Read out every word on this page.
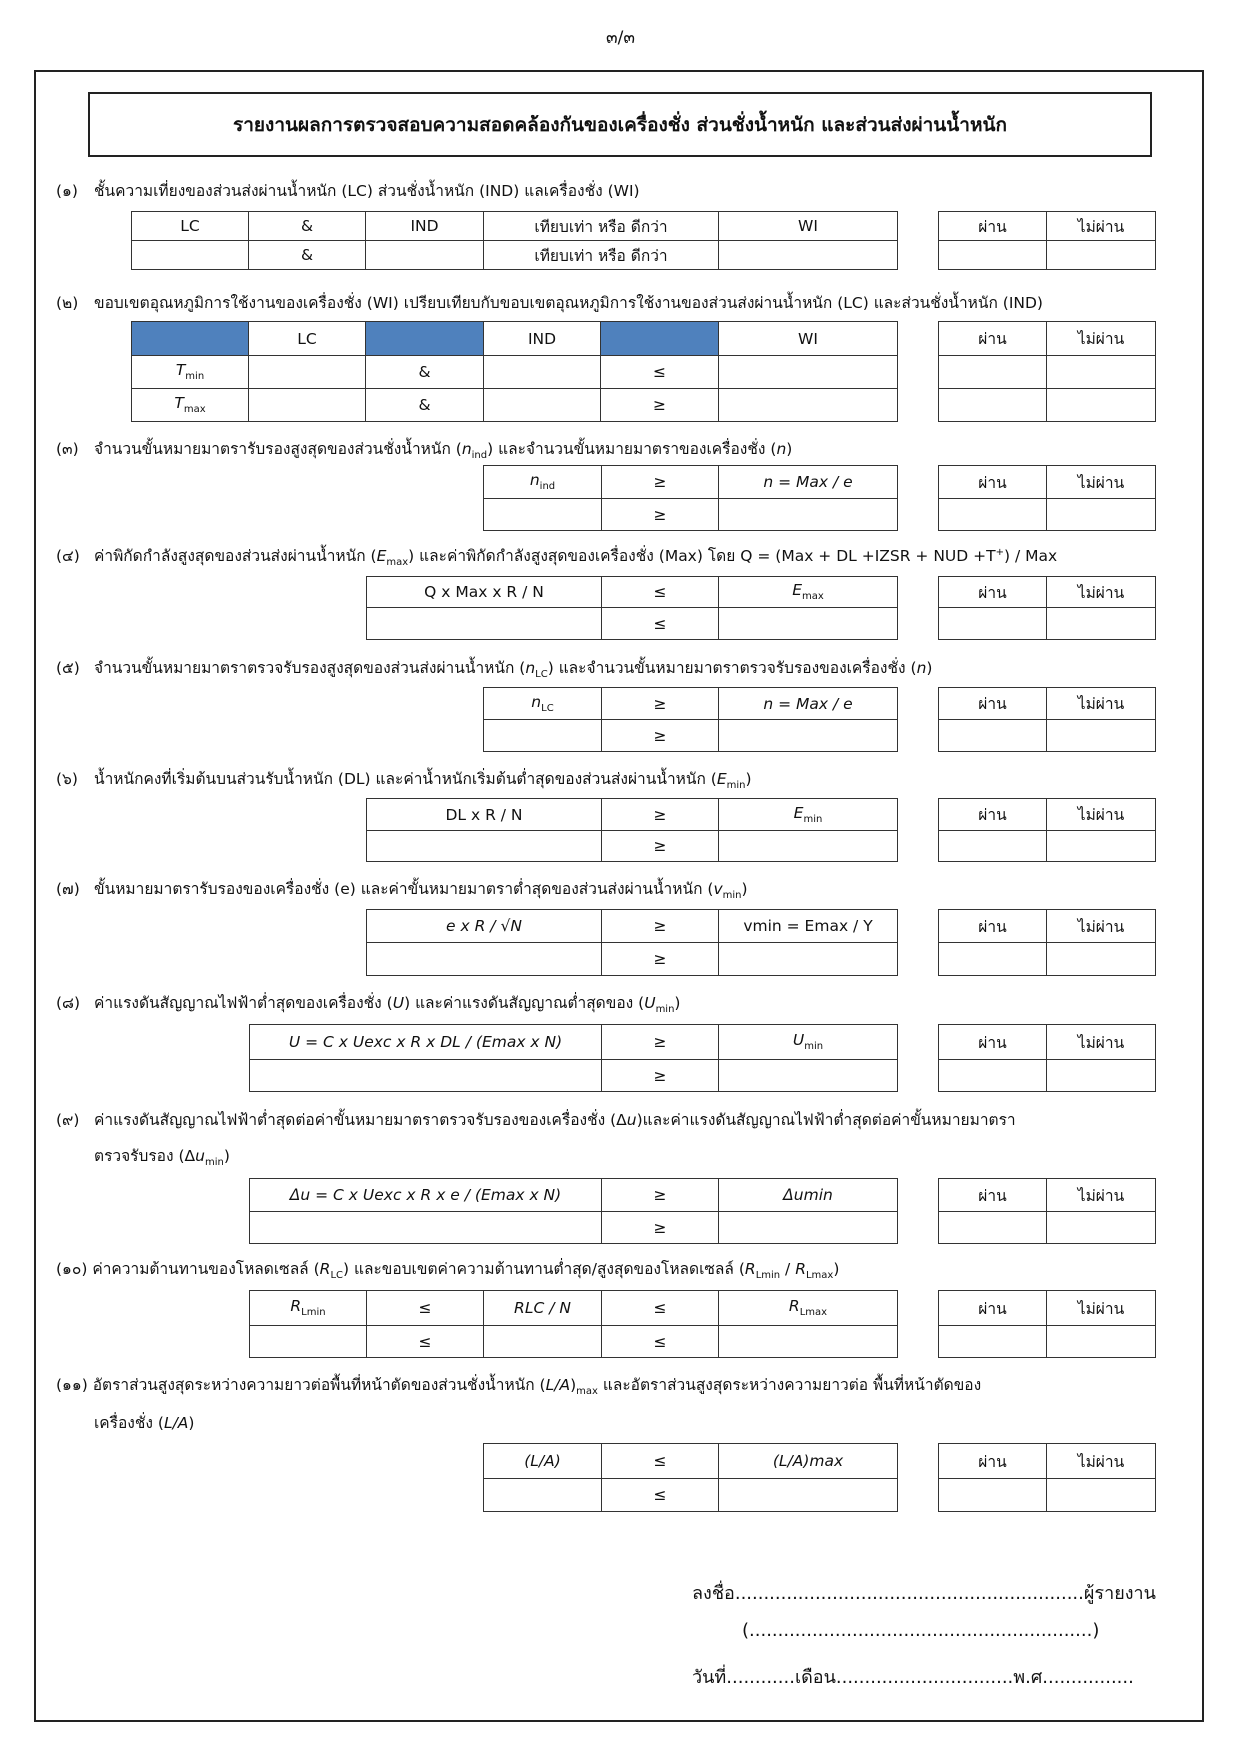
๓/๓
รายงานผลการตรวจสอบความสอดคล้องกันของเครื่องชั่ง ส่วนชั่งน้ำหนัก และส่วนส่งผ่านน้ำหนัก
(๑) ชั้นความเที่ยงของส่วนส่งผ่านน้ำหนัก (LC) ส่วนชั่งน้ำหนัก (IND) แลเครื่องชั่ง (WI)
LC	&	IND	เทียบเท่า หรือ ดีกว่า	WI
	&		เทียบเท่า หรือ ดีกว่า	
ผ่าน	ไม่ผ่าน

(๒) ขอบเขตอุณหภูมิการใช้งานของเครื่องชั่ง (WI) เปรียบเทียบกับขอบเขตอุณหภูมิการใช้งานของส่วนส่งผ่านน้ำหนัก (LC) และส่วนชั่งน้ำหนัก (IND)
	LC		IND		WI
$T_{min}$		&		≤	
$T_{max}$		&		≥	
ผ่าน	ไม่ผ่าน

(๓) จำนวนขั้นหมายมาตรารับรองสูงสุดของส่วนชั่งน้ำหนัก $(n_{ind})$ และจำนวนขั้นหมายมาตราของเครื่องชั่ง (n)
$n_{ind}$	≥	n = Max / e
	≥	
ผ่าน	ไม่ผ่าน

(๔) ค่าพิกัดกำลังสูงสุดของส่วนส่งผ่านน้ำหนัก $(E_{max})$ และค่าพิกัดกำลังสูงสุดของเครื่องชั่ง (Max) โดย Q = (Max + DL +IZSR + NUD +T+) / Max
Q x Max x R / N	≤	$E_{max}$
	≤	
ผ่าน	ไม่ผ่าน

(๕) จำนวนขั้นหมายมาตราตรวจรับรองสูงสุดของส่วนส่งผ่านน้ำหนัก $(n_{LC})$ และจำนวนขั้นหมายมาตราตรวจรับรองของเครื่องชั่ง (n)
$n_{LC}$	≥	n = Max / e
	≥	
ผ่าน	ไม่ผ่าน

(๖) น้ำหนักคงที่เริ่มต้นบนส่วนรับน้ำหนัก (DL) และค่าน้ำหนักเริ่มต้นต่ำสุดของส่วนส่งผ่านน้ำหนัก $(E_{min})$
DL x R / N	≥	$E_{min}$
	≥	
ผ่าน	ไม่ผ่าน

(๗) ขั้นหมายมาตรารับรองของเครื่องชั่ง (e) และค่าขั้นหมายมาตราต่ำสุดของส่วนส่งผ่านน้ำหนัก $(v_{min})$
e x R / √N	≥	vmin = Emax / Y
	≥	
ผ่าน	ไม่ผ่าน

(๘) ค่าแรงดันสัญญาณไฟฟ้าต่ำสุดของเครื่องชั่ง (U) และค่าแรงดันสัญญาณต่ำสุดของ $(U_{min})$
U = C x Uexc x R x DL / (Emax x N)	≥	$U_{min}$
	≥	
ผ่าน	ไม่ผ่าน

(๙) ค่าแรงดันสัญญาณไฟฟ้าต่ำสุดต่อค่าขั้นหมายมาตราตรวจรับรองของเครื่องชั่ง (Δu)และค่าแรงดันสัญญาณไฟฟ้าต่ำสุดต่อค่าขั้นหมายมาตรา
ตรวจรับรอง $(\Delta u_{min})$
Δu = C x Uexc x R x e / (Emax x N)	≥	Δumin
	≥	
ผ่าน	ไม่ผ่าน

(๑๐) ค่าความต้านทานของโหลดเซลล์ $(R_{LC})$ และขอบเขตค่าความต้านทานต่ำสุด/สูงสุดของโหลดเซลล์ $(R_{Lmin} / R_{Lmax})$
$R_{Lmin}$	≤	RLC / N	≤	$R_{Lmax}$
	≤		≤	
ผ่าน	ไม่ผ่าน

(๑๑) อัตราส่วนสูงสุดระหว่างความยาวต่อพื้นที่หน้าตัดของส่วนชั่งน้ำหนัก $(L/A)_{max}$ และอัตราส่วนสูงสุดระหว่างความยาวต่อ พื้นที่หน้าตัดของ
เครื่องชั่ง (L/A)
(L/A)	≤	(L/A)max
	≤	
ผ่าน	ไม่ผ่าน

ลงชื่อ.............................................................ผู้รายงาน
(............................................................)
วันที่............เดือน...............................พ.ศ................
